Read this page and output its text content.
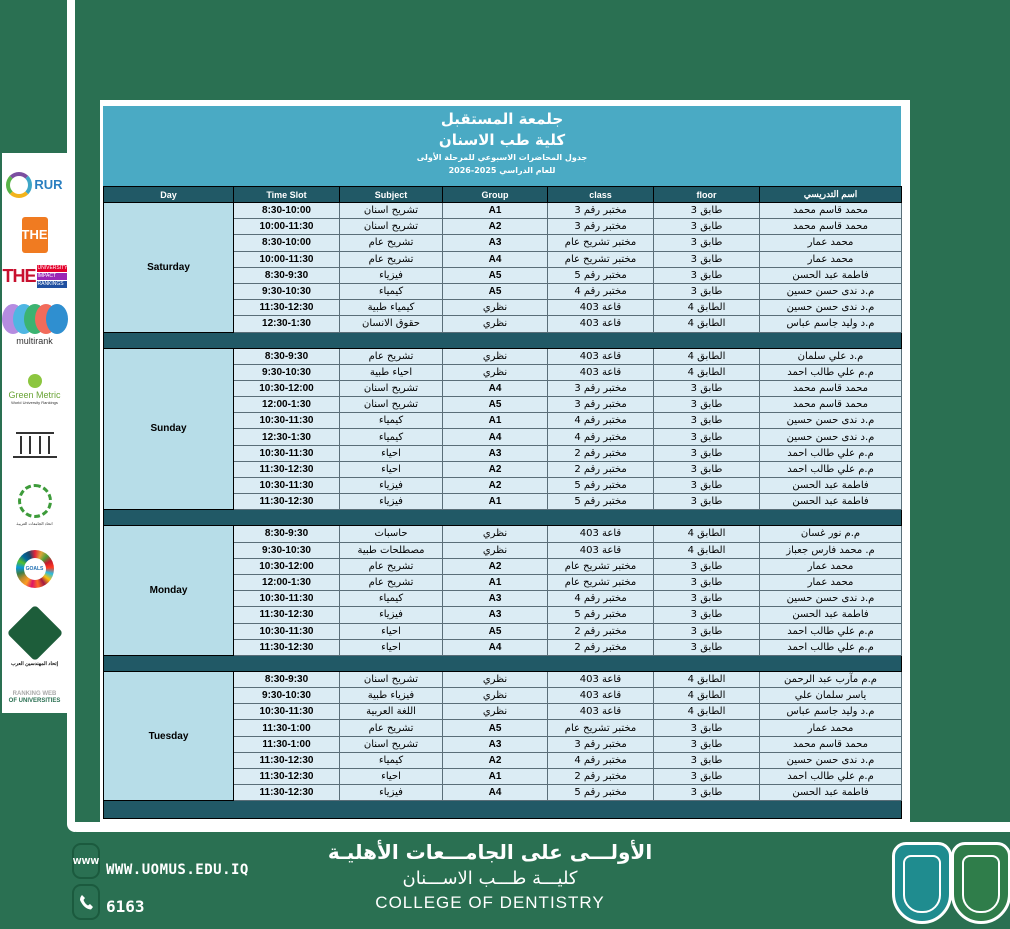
RUR
THE
THE UNIVERSITY
IMPACT
RANKINGS
multirank
Green Metric
World University Rankings
اتحاد الجامعات العربية
GOALS
إتحاد المهندسين العرب
RANKING WEB
OF UNIVERSITIES
جلمعة المستقبل
كلية طب الاسنان
جدول المحاضرات الاسبوعي للمرحلة الأولى
للعام الدراسي 2025-2026
Day	Time Slot	Subject	Group	class	floor	اسم التدريسي
Saturday	8:30-10:00	تشريح اسنان	A1	مختبر رقم 3	طابق 3	محمد قاسم محمد
	10:00-11:30	تشريح اسنان	A2	مختبر رقم 3	طابق 3	محمد قاسم محمد
	8:30-10:00	تشريح عام	A3	مختبر تشريح عام	طابق 3	محمد عمار
	10:00-11:30	تشريح عام	A4	مختبر تشريح عام	طابق 3	محمد عمار
	8:30-9:30	فيزياء	A5	مختبر رقم 5	طابق 3	فاطمة عبد الحسن
	9:30-10:30	كيمياء	A5	مختبر رقم 4	طابق 3	م.د ندى حسن حسين
	11:30-12:30	كيمياء طبية	نظري	قاعة 403	الطابق 4	م.د ندى حسن حسين
	12:30-1:30	حقوق الانسان	نظري	قاعة 403	الطابق 4	م.د وليد جاسم عباس

Sunday	8:30-9:30	تشريح عام	نظري	قاعة 403	الطابق 4	م.د علي سلمان
	9:30-10:30	احياء طبية	نظري	قاعة 403	الطابق 4	م.م علي طالب احمد
	10:30-12:00	تشريح اسنان	A4	مختبر رقم 3	طابق 3	محمد قاسم محمد
	12:00-1:30	تشريح اسنان	A5	مختبر رقم 3	طابق 3	محمد قاسم محمد
	10:30-11:30	كيمياء	A1	مختبر رقم 4	طابق 3	م.د ندى حسن حسين
	12:30-1:30	كيمياء	A4	مختبر رقم 4	طابق 3	م.د ندى حسن حسين
	10:30-11:30	احياء	A3	مختبر رقم 2	طابق 3	م.م علي طالب احمد
	11:30-12:30	احياء	A2	مختبر رقم 2	طابق 3	م.م علي طالب احمد
	10:30-11:30	فيزياء	A2	مختبر رقم 5	طابق 3	فاطمة عبد الحسن
	11:30-12:30	فيزياء	A1	مختبر رقم 5	طابق 3	فاطمة عبد الحسن

Monday	8:30-9:30	حاسبات	نظري	قاعة 403	الطابق 4	م.م نور غسان
	9:30-10:30	مصطلحات طبية	نظري	قاعة 403	الطابق 4	م. محمد فارس جعباز
	10:30-12:00	تشريح عام	A2	مختبر تشريح عام	طابق 3	محمد عمار
	12:00-1:30	تشريح عام	A1	مختبر تشريح عام	طابق 3	محمد عمار
	10:30-11:30	كيمياء	A3	مختبر رقم 4	طابق 3	م.د ندى حسن حسين
	11:30-12:30	فيزياء	A3	مختبر رقم 5	طابق 3	فاطمة عبد الحسن
	10:30-11:30	احياء	A5	مختبر رقم 2	طابق 3	م.م علي طالب احمد
	11:30-12:30	احياء	A4	مختبر رقم 2	طابق 3	م.م علي طالب احمد

Tuesday	8:30-9:30	تشريح اسنان	نظري	قاعة 403	الطابق 4	م.م مآرب عبد الرحمن
	9:30-10:30	فيزياء طبية	نظري	قاعة 403	الطابق 4	ياسر سلمان علي
	10:30-11:30	اللغة العربية	نظري	قاعة 403	الطابق 4	م.د وليد جاسم عباس
	11:30-1:00	تشريح عام	A5	مختبر تشريح عام	طابق 3	محمد عمار
	11:30-1:00	تشريح اسنان	A3	مختبر رقم 3	طابق 3	محمد قاسم محمد
	11:30-12:30	كيمياء	A2	مختبر رقم 4	طابق 3	م.د ندى حسن حسين
	11:30-12:30	احياء	A1	مختبر رقم 2	طابق 3	م.م علي طالب احمد
	11:30-12:30	فيزياء	A4	مختبر رقم 5	طابق 3	فاطمة عبد الحسن

WWW
WWW.UOMUS.EDU.IQ
6163
الأولـــى على الجامـــعات الأهليـة
كليـــة طـــب الاســـنان
COLLEGE OF DENTISTRY
